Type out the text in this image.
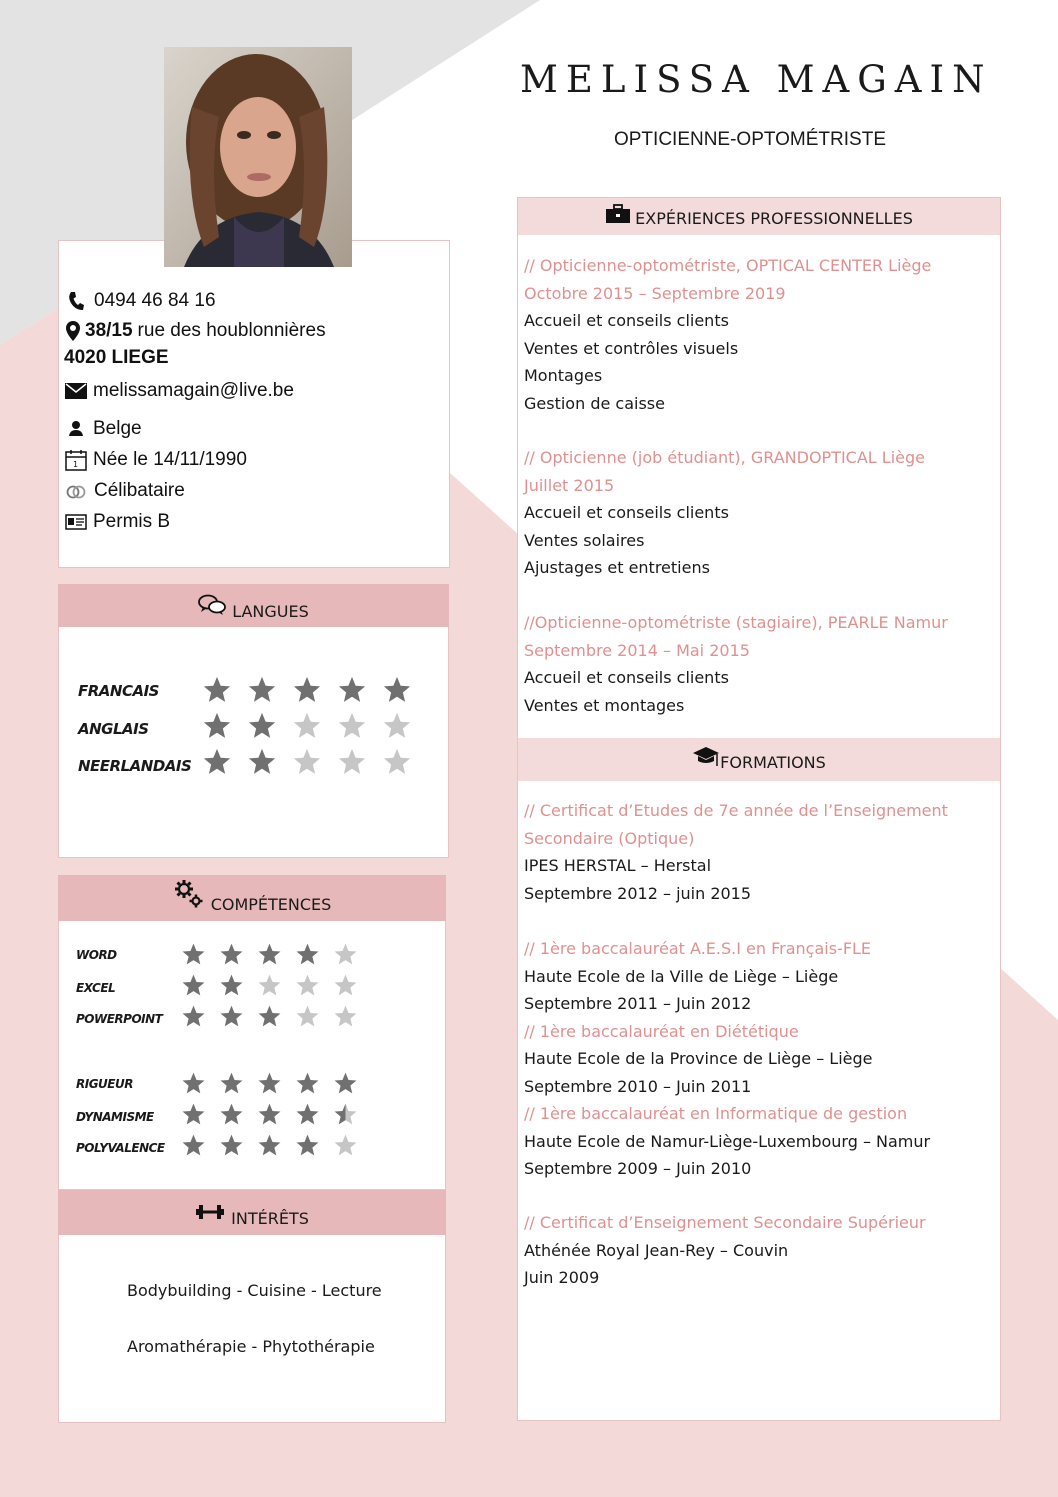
MELISSA MAGAIN
OPTICIENNE-OPTOMÉTRISTE
0494 46 84 16
38/15 rue des houblonnières
4020 LIEGE
melissamagain@live.be
Belge
1 Née le 14/11/1990
Célibataire
Permis B
LANGUES
FRANCAIS
ANGLAIS
NEERLANDAIS
COMPÉTENCES
WORD
EXCEL
POWERPOINT
RIGUEUR
DYNAMISME
POLYVALENCE
INTÉRÊTS
Bodybuilding - Cuisine - Lecture
Aromathérapie - Phytothérapie
EXPÉRIENCES PROFESSIONNELLES
// Opticienne-optométriste, OPTICAL CENTER Liège
Octobre 2015 – Septembre 2019
Accueil et conseils clients
Ventes et contrôles visuels
Montages
Gestion de caisse
// Opticienne (job étudiant), GRANDOPTICAL Liège
Juillet 2015
Accueil et conseils clients
Ventes solaires
Ajustages et entretiens
//Opticienne-optométriste (stagiaire), PEARLE Namur
Septembre 2014 – Mai 2015
Accueil et conseils clients
Ventes et montages
FORMATIONS
// Certificat d’Etudes de 7e année de l’Enseignement
Secondaire (Optique)
IPES HERSTAL – Herstal
Septembre 2012 – juin 2015
// 1ère baccalauréat A.E.S.I en Français-FLE
Haute Ecole de la Ville de Liège – Liège
Septembre 2011 – Juin 2012
// 1ère baccalauréat en Diététique
Haute Ecole de la Province de Liège – Liège
Septembre 2010 – Juin 2011
// 1ère baccalauréat en Informatique de gestion
Haute Ecole de Namur-Liège-Luxembourg – Namur
Septembre 2009 – Juin 2010
// Certificat d’Enseignement Secondaire Supérieur
Athénée Royal Jean-Rey – Couvin
Juin 2009
